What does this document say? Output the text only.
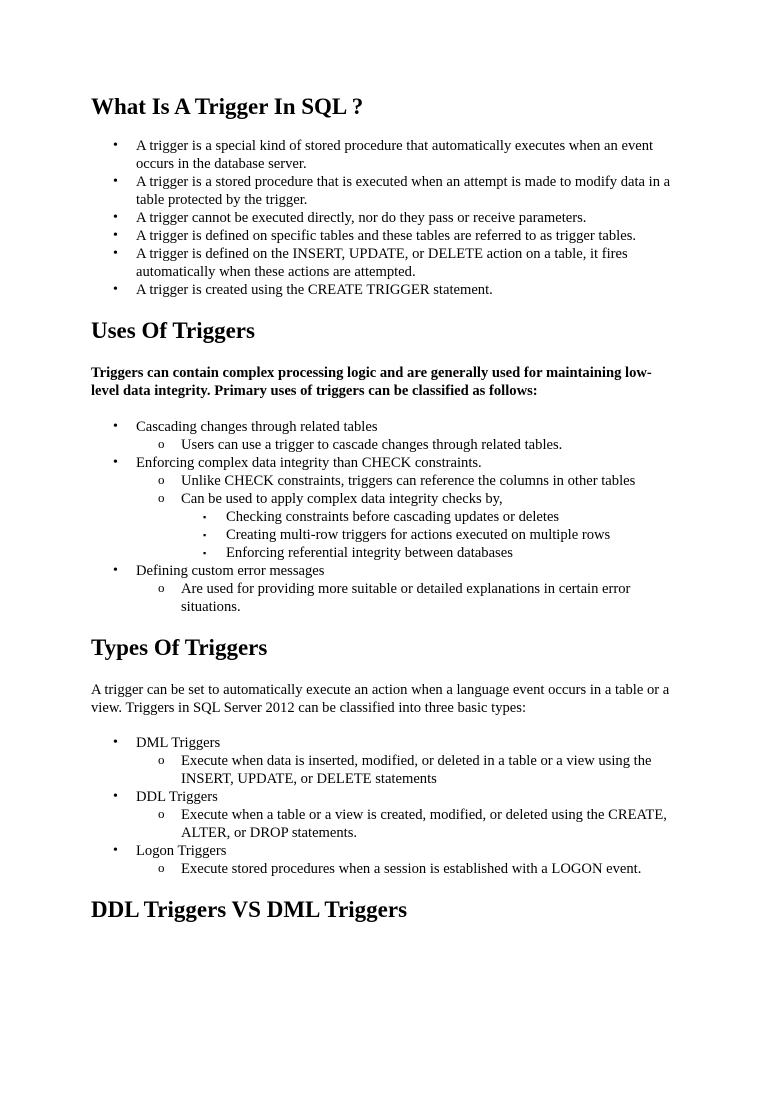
What Is A Trigger In SQL ?
•	A trigger is a special kind of stored procedure that automatically executes when an event occurs in the database server.
•	A trigger is a stored procedure that is executed when an attempt is made to modify data in a table protected by the trigger.
•	A trigger cannot be executed directly, nor do they pass or receive parameters.
•	A trigger is defined on specific tables and these tables are referred to as trigger tables.
•	A trigger is defined on the INSERT, UPDATE, or DELETE action on a table, it fires automatically when these actions are attempted.
•	A trigger is created using the CREATE TRIGGER statement.
Uses Of Triggers

Triggers can contain complex processing logic and are generally used for maintaining low-level data integrity. Primary uses of triggers can be classified as follows:

•	Cascading changes through related tables
o	Users can use a trigger to cascade changes through related tables.
•	Enforcing complex data integrity than CHECK constraints.
o	Unlike CHECK constraints, triggers can reference the columns in other tables
o	Can be used to apply complex data integrity checks by,
▪	Checking constraints before cascading updates or deletes
▪	Creating multi-row triggers for actions executed on multiple rows
▪	Enforcing referential integrity between databases
•	Defining custom error messages
o	Are used for providing more suitable or detailed explanations in certain error situations.
Types Of Triggers

A trigger can be set to automatically execute an action when a language event occurs in a table or a view. Triggers in SQL Server 2012 can be classified into three basic types:

•	DML Triggers
o	Execute when data is inserted, modified, or deleted in a table or a view using the INSERT, UPDATE, or DELETE statements
•	DDL Triggers
o	Execute when a table or a view is created, modified, or deleted using the CREATE, ALTER, or DROP statements.
•	Logon Triggers
o	Execute stored procedures when a session is established with a LOGON event.
DDL Triggers VS DML Triggers
